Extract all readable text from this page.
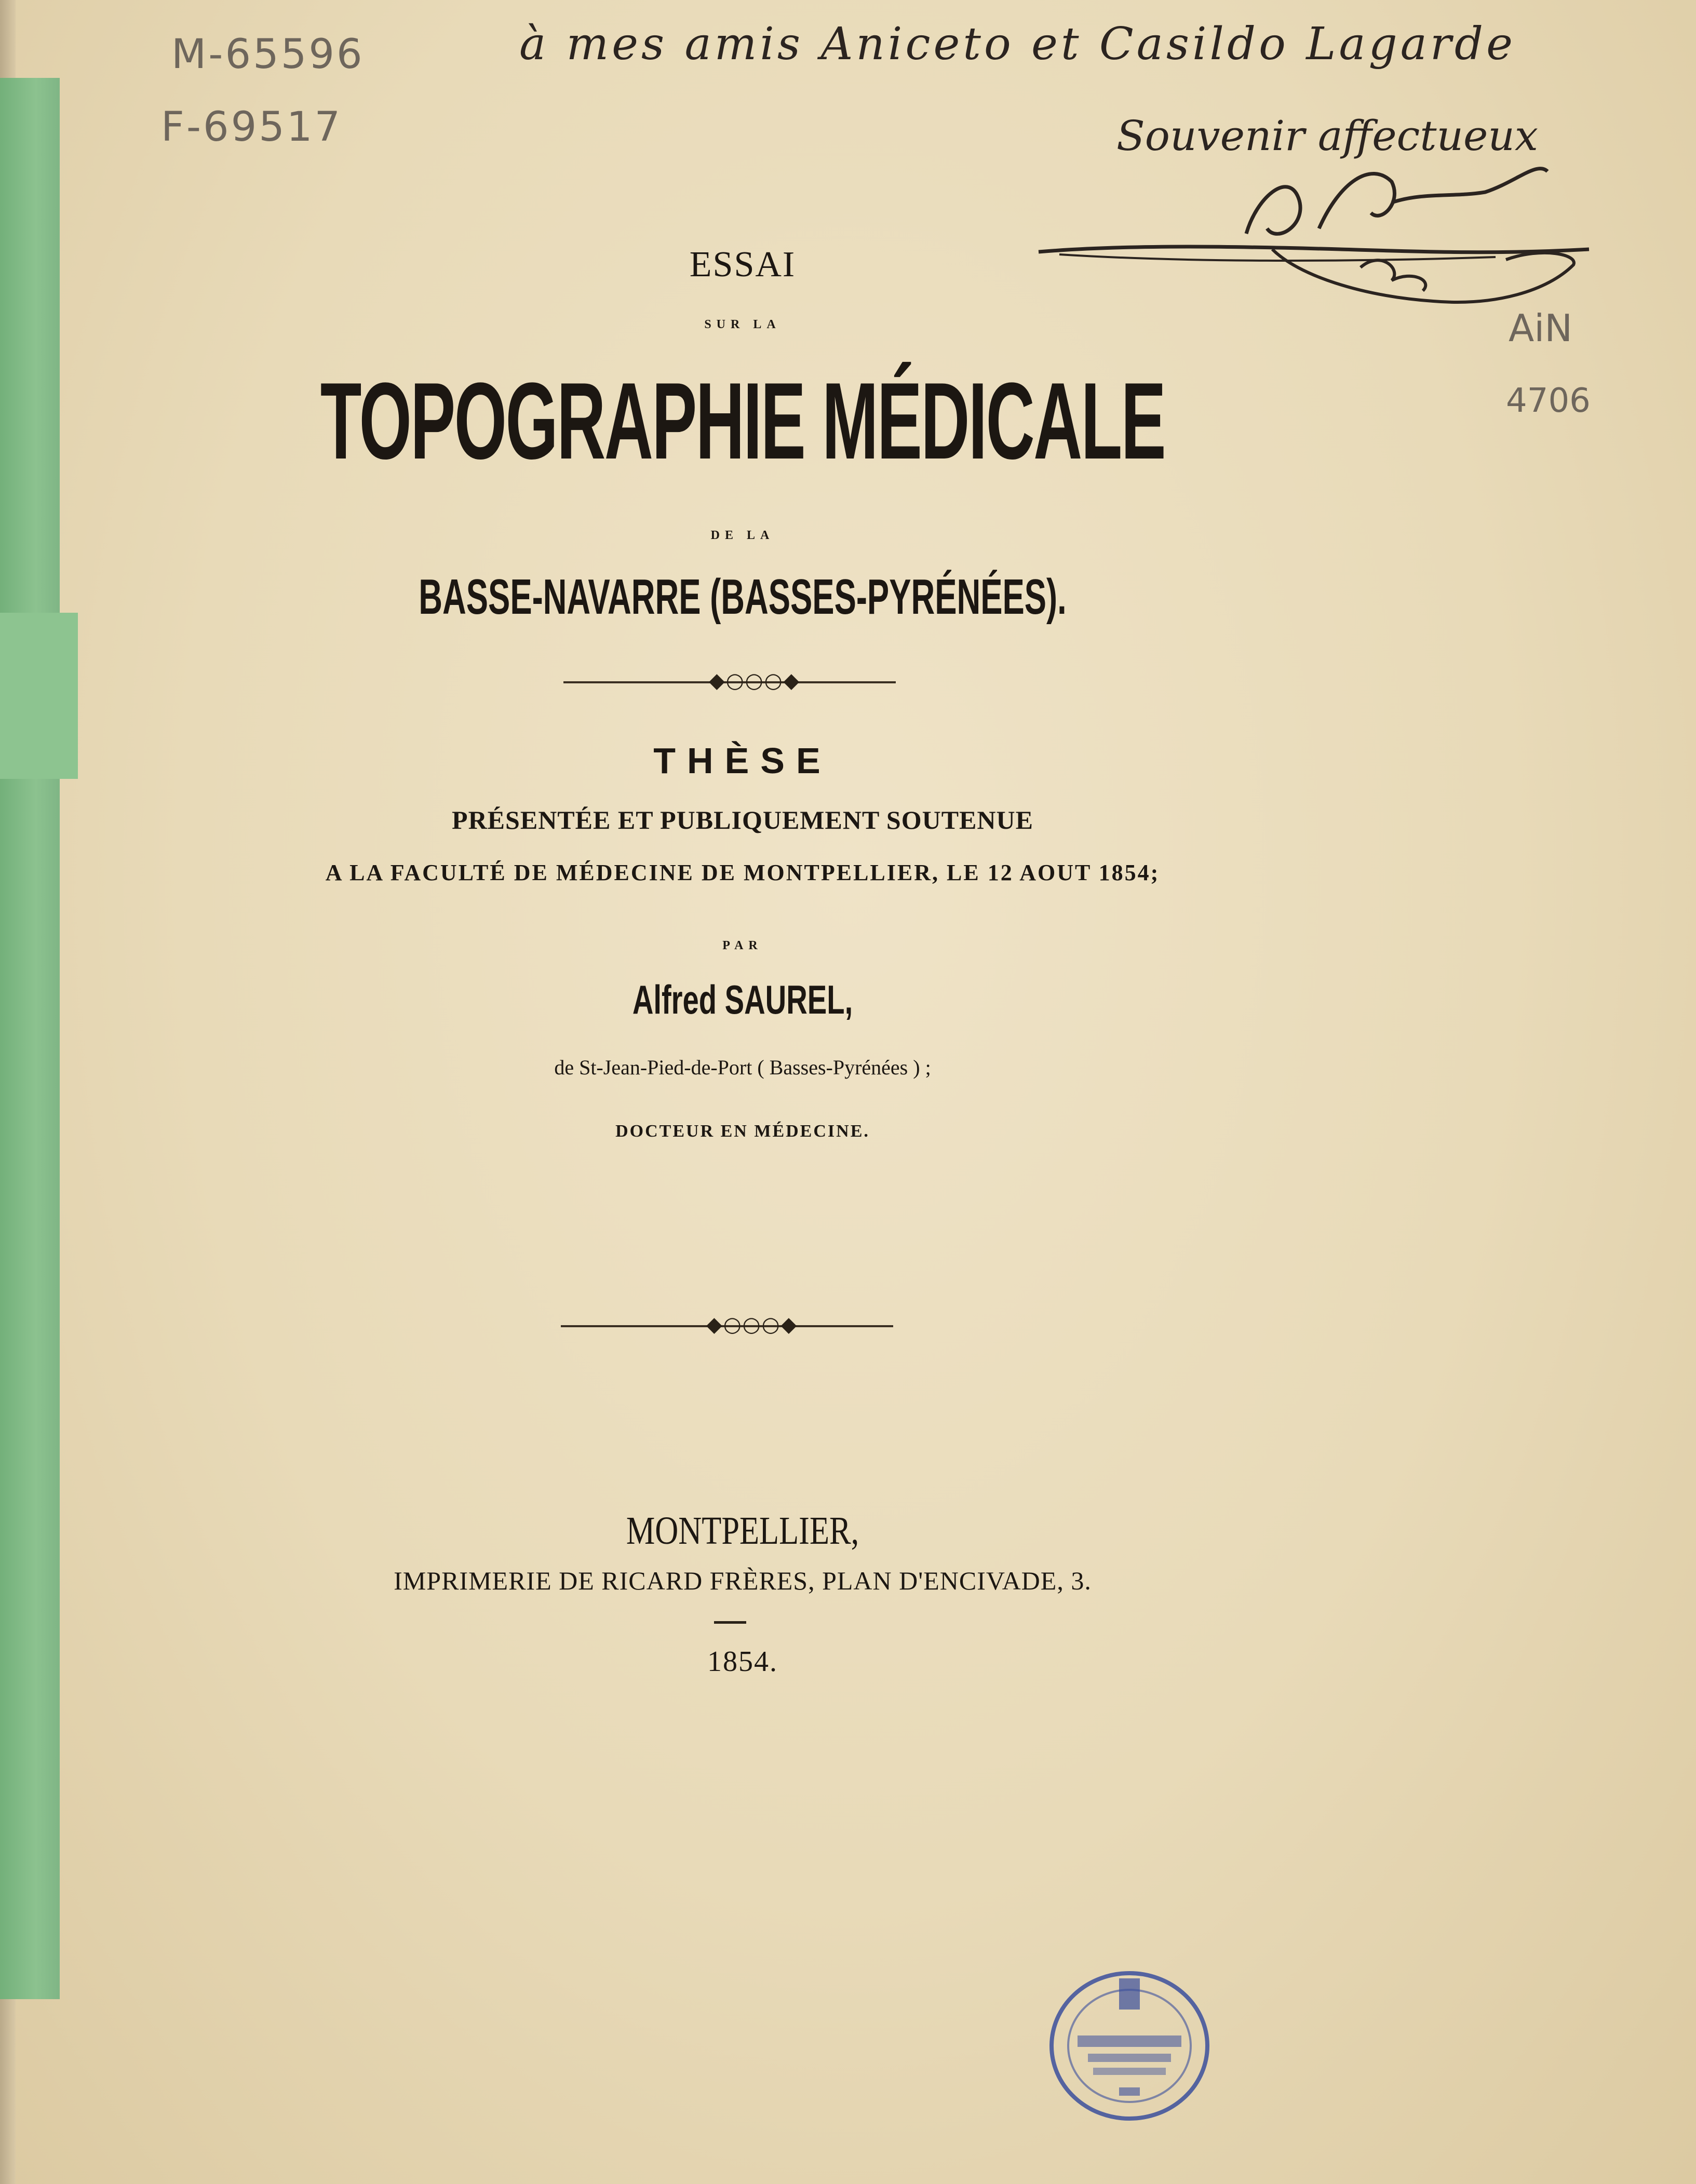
M-65596
F-69517
AiN
4706
à mes amis Aniceto et Casildo Lagarde
Souvenir affectueux
Alf Saurel
ESSAI
SUR LA
TOPOGRAPHIE MÉDICALE
DE LA
BASSE-NAVARRE (BASSES-PYRÉNÉES).
◆○○○◆
THÈSE
PRÉSENTÉE ET PUBLIQUEMENT SOUTENUE
A LA FACULTÉ DE MÉDECINE DE MONTPELLIER, LE 12 AOUT 1854;
PAR
Alfred SAUREL,
de St-Jean-Pied-de-Port ( Basses-Pyrénées ) ;
DOCTEUR EN MÉDECINE.
◆○○○◆
MONTPELLIER,
IMPRIMERIE DE RICARD FRÈRES, PLAN D'ENCIVADE, 3.
1854.
